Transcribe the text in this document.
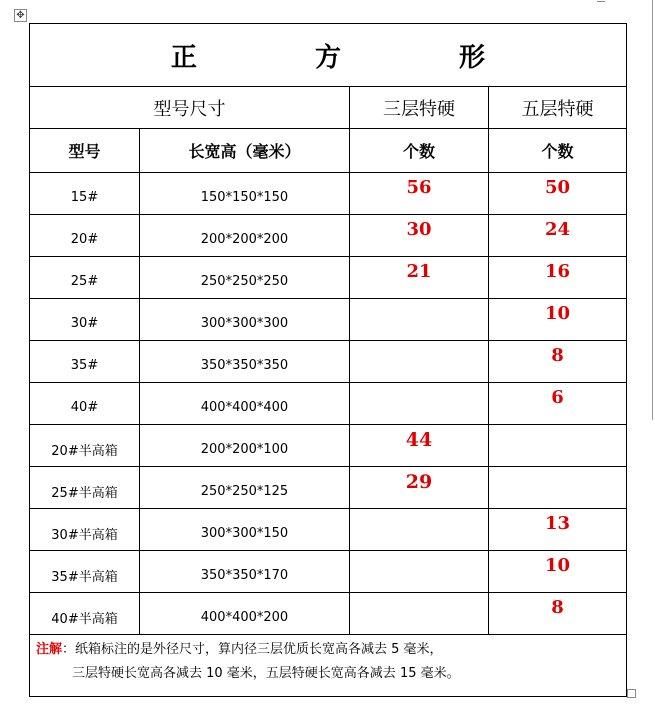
✥
正 方 形			
型号尺寸		三层特硬	五层特硬
型号	长宽高（毫米）	个数	个数
15#	150*150*150	56	50
20#	200*200*200	30	24
25#	250*250*250	21	16
30#	300*300*300		10
35#	350*350*350		8
40#	400*400*400		6
20#半高箱	200*200*100	44	
25#半高箱	250*250*125	29	
30#半高箱	300*300*150		13
35#半高箱	350*350*170		10
40#半高箱	400*400*200		8
注解：纸箱标注的是外径尺寸，算内径三层优质长宽高各减去 5 毫米，
三层特硬长宽高各减去 10 毫米，五层特硬长宽高各减去 15 毫米。			
